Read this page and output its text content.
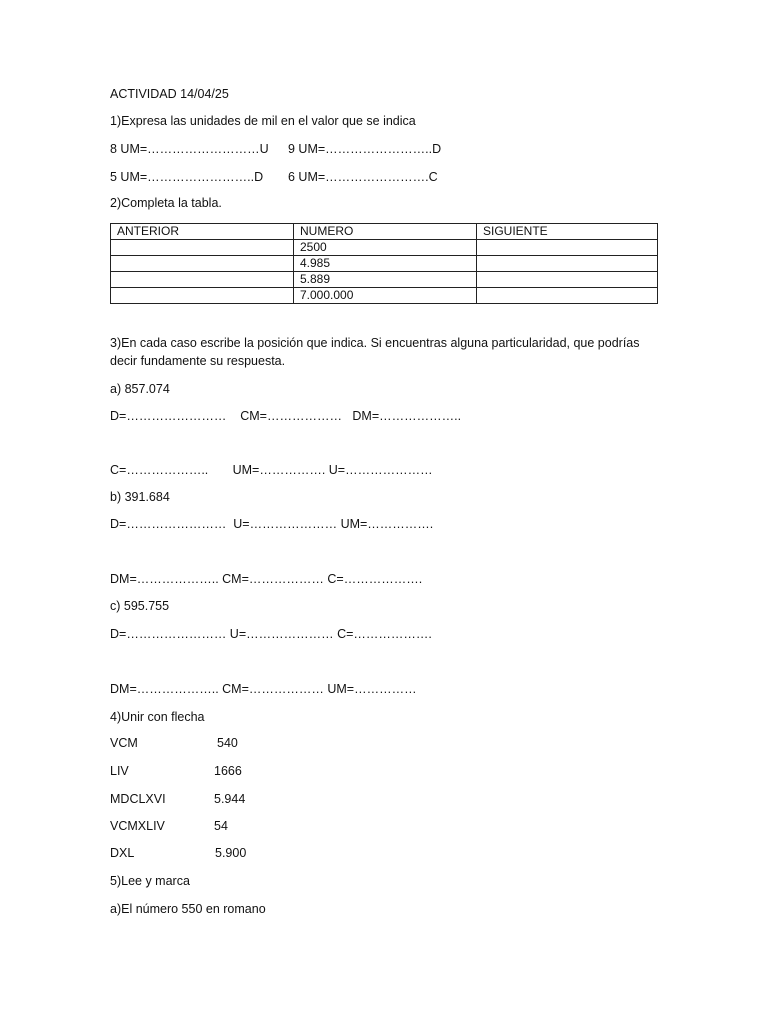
ACTIVIDAD 14/04/25
1)Expresa las unidades de mil en el valor que se indica
8 UM=………………………U 9 UM=……………………..D
5 UM=……………………..D 6 UM=…………………….C
2)Completa la tabla.
ANTERIOR	NUMERO	SIGUIENTE
	2500	
	4.985	
	5.889	
	7.000.000	
3)En cada caso escribe la posición que indica. Si encuentras alguna particularidad, que podrías
decir fundamente su respuesta.
a) 857.074
D=……………………    CM=………………   DM=………………..
C=………………..       UM=……………. U=…………………
b) 391.684
D=……………………  U=………………… UM=…………….
DM=……………….. CM=……………… C=……………….
c) 595.755
D=…………………… U=………………… C=……………….
DM=……………….. CM=……………… UM=……………
4)Unir con flecha
VCM	540
LIV	1666
MDCLXVI	5.944
VCMXLIV	54
DXL	5.900
5)Lee y marca
a)El número 550 en romano
